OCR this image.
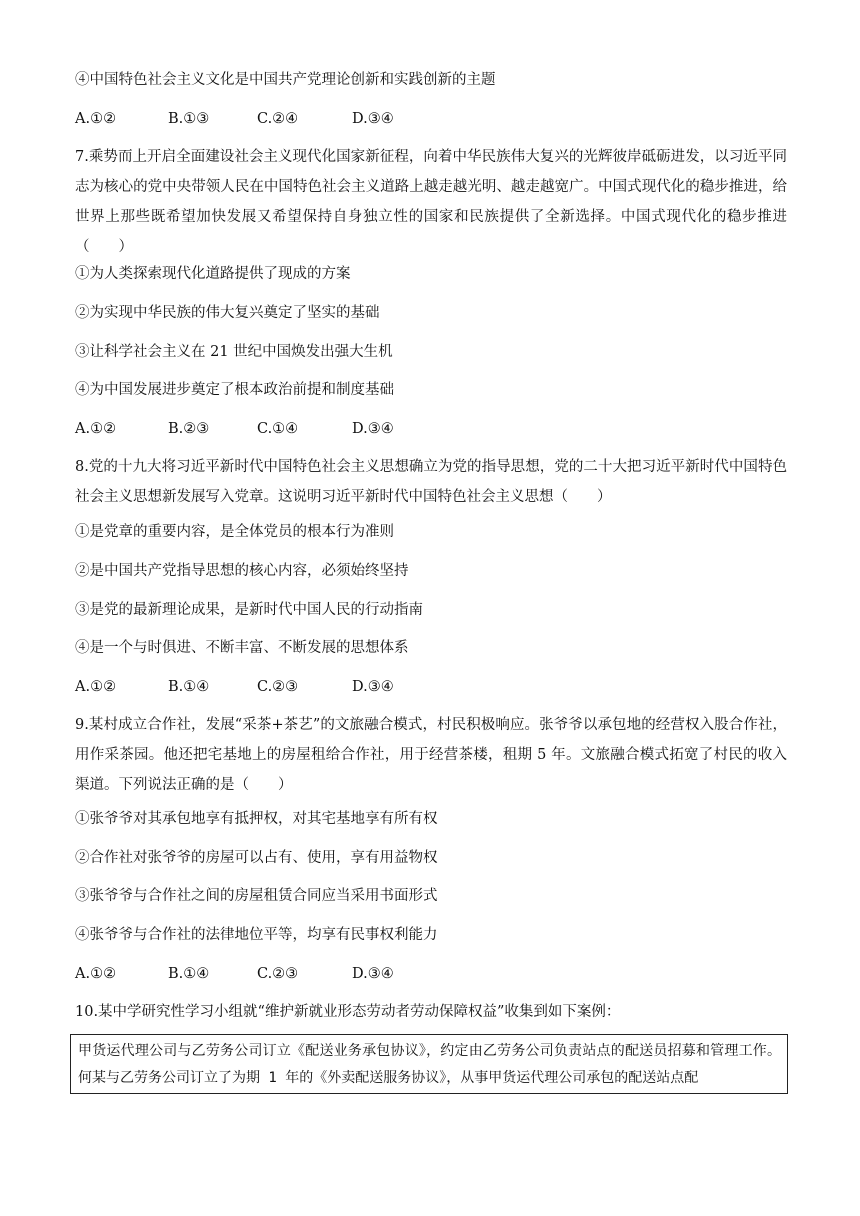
④中国特色社会主义文化是中国共产党理论创新和实践创新的主题
A.①②	B.①③	C.②④	D.③④
7.乘势而上开启全面建设社会主义现代化国家新征程，向着中华民族伟大复兴的光辉彼岸砥砺进发，以习近平同志为核心的党中央带领人民在中国特色社会主义道路上越走越光明、越走越宽广。中国式现代化的稳步推进，给世界上那些既希望加快发展又希望保持自身独立性的国家和民族提供了全新选择。中国式现代化的稳步推进（　　）
①为人类探索现代化道路提供了现成的方案
②为实现中华民族的伟大复兴奠定了坚实的基础
③让科学社会主义在 21 世纪中国焕发出强大生机
④为中国发展进步奠定了根本政治前提和制度基础
A.①②	B.②③	C.①④	D.③④
8.党的十九大将习近平新时代中国特色社会主义思想确立为党的指导思想，党的二十大把习近平新时代中国特色社会主义思想新发展写入党章。这说明习近平新时代中国特色社会主义思想（　　）
①是党章的重要内容，是全体党员的根本行为准则
②是中国共产党指导思想的核心内容，必须始终坚持
③是党的最新理论成果，是新时代中国人民的行动指南
④是一个与时俱进、不断丰富、不断发展的思想体系
A.①②	B.①④	C.②③	D.③④
9.某村成立合作社，发展“采茶+茶艺”的文旅融合模式，村民积极响应。张爷爷以承包地的经营权入股合作社，用作采茶园。他还把宅基地上的房屋租给合作社，用于经营茶楼，租期 5 年。文旅融合模式拓宽了村民的收入渠道。下列说法正确的是（　　）
①张爷爷对其承包地享有抵押权，对其宅基地享有所有权
②合作社对张爷爷的房屋可以占有、使用，享有用益物权
③张爷爷与合作社之间的房屋租赁合同应当采用书面形式
④张爷爷与合作社的法律地位平等，均享有民事权利能力
A.①②	B.①④	C.②③	D.③④
10.某中学研究性学习小组就“维护新就业形态劳动者劳动保障权益”收集到如下案例：
甲货运代理公司与乙劳务公司订立《配送业务承包协议》，约定由乙劳务公司负责站点的配送员招募和管理工作。何某与乙劳务公司订立了为期 1 年的《外卖配送服务协议》，从事甲货运代理公司承包的配送站点配
